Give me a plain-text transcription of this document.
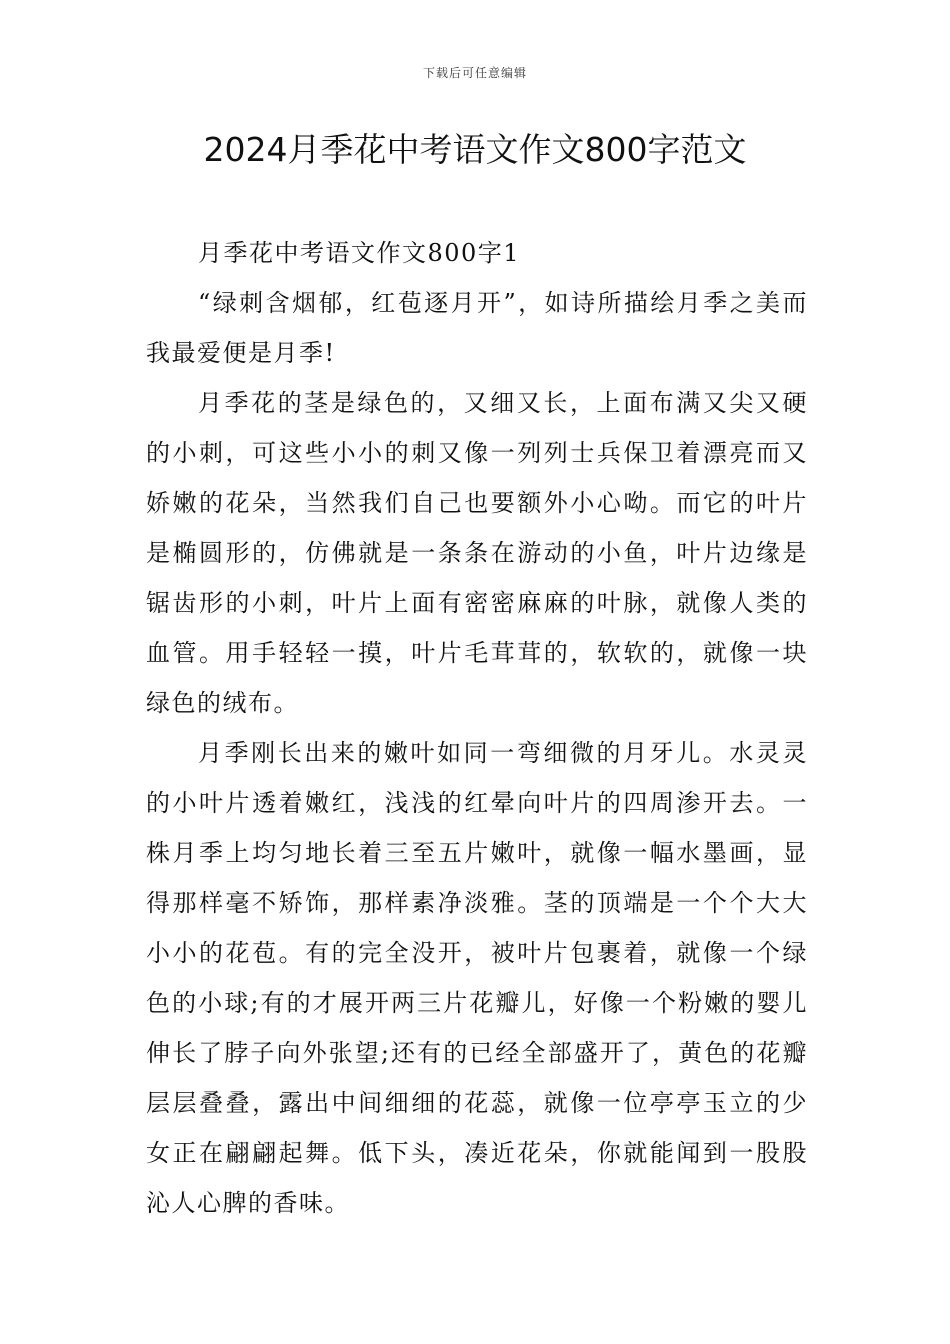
下载后可任意编辑
2024月季花中考语文作文800字范文

月季花中考语文作文800字1

“绿刺含烟郁，红苞逐月开”，如诗所描绘月季之美而我最爱便是月季!

月季花的茎是绿色的，又细又长，上面布满又尖又硬的小刺，可这些小小的刺又像一列列士兵保卫着漂亮而又娇嫩的花朵，当然我们自己也要额外小心呦。而它的叶片是椭圆形的，仿佛就是一条条在游动的小鱼，叶片边缘是锯齿形的小刺，叶片上面有密密麻麻的叶脉，就像人类的血管。用手轻轻一摸，叶片毛茸茸的，软软的，就像一块绿色的绒布。

月季刚长出来的嫩叶如同一弯细微的月牙儿。水灵灵的小叶片透着嫩红，浅浅的红晕向叶片的四周渗开去。一株月季上均匀地长着三至五片嫩叶，就像一幅水墨画，显得那样毫不矫饰，那样素净淡雅。茎的顶端是一个个大大小小的花苞。有的完全没开，被叶片包裹着，就像一个绿色的小球;有的才展开两三片花瓣儿，好像一个粉嫩的婴儿伸长了脖子向外张望;还有的已经全部盛开了，黄色的花瓣层层叠叠，露出中间细细的花蕊，就像一位亭亭玉立的少女正在翩翩起舞。低下头，凑近花朵，你就能闻到一股股沁人心脾的香味。
